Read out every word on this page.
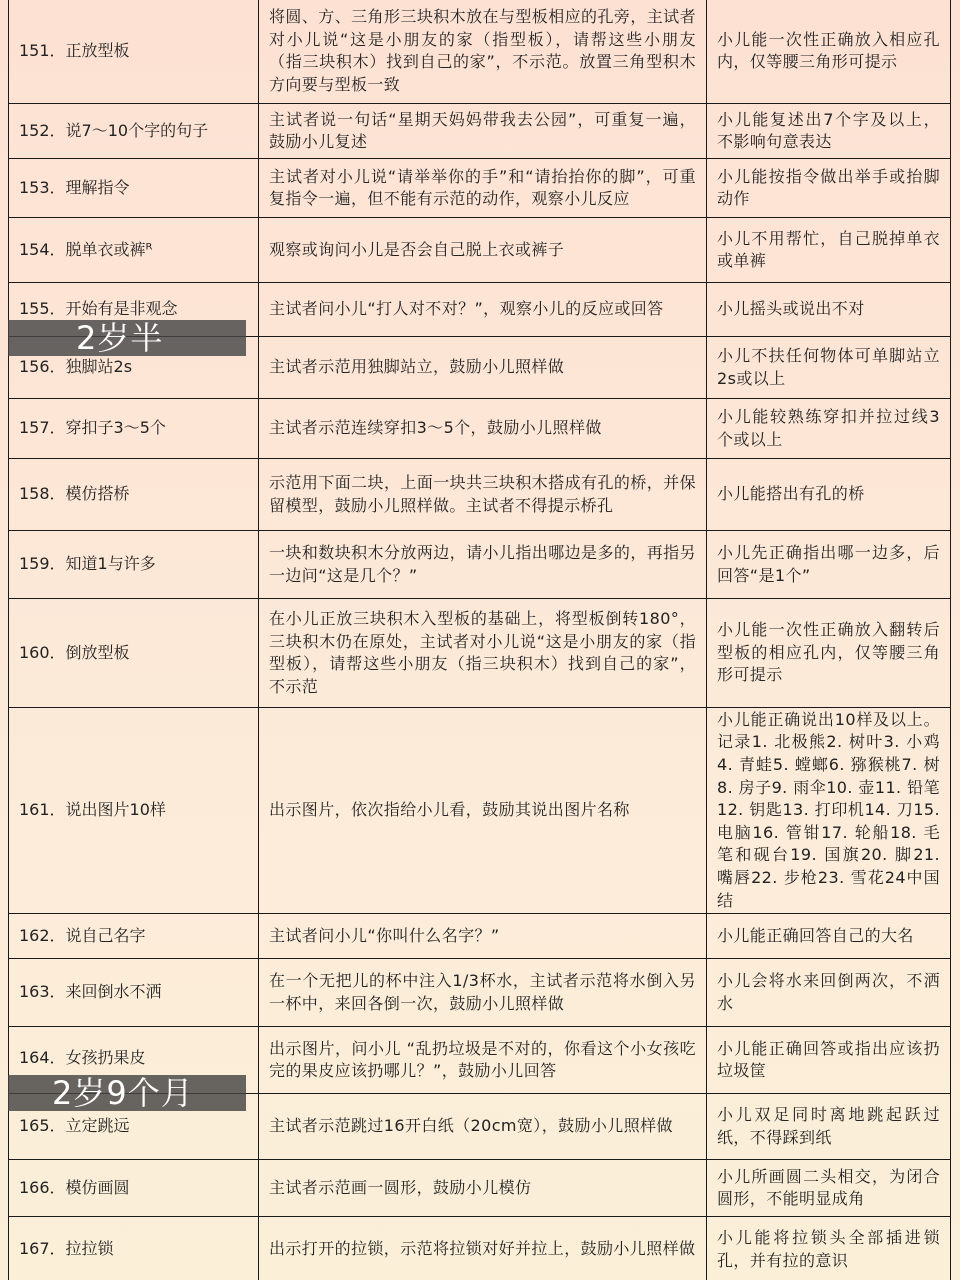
151．正放型板	将圆、方、三角形三块积木放在与型板相应的孔旁，主试者对小儿说“这是小朋友的家（指型板），请帮这些小朋友（指三块积木）找到自己的家”，不示范。放置三角型积木方向要与型板一致	小儿能一次性正确放入相应孔内，仅等腰三角形可提示
152．说7～10个字的句子	主试者说一句话“星期天妈妈带我去公园”，可重复一遍，鼓励小儿复述	小儿能复述出7个字及以上，不影响句意表达
153．理解指令	主试者对小儿说“请举举你的手”和“请抬抬你的脚”，可重复指令一遍，但不能有示范的动作，观察小儿反应	小儿能按指令做出举手或抬脚动作
154．脱单衣或裤ᴿ	观察或询问小儿是否会自己脱上衣或裤子	小儿不用帮忙，自己脱掉单衣或单裤
155．开始有是非观念	主试者问小儿“打人对不对？”，观察小儿的反应或回答	小儿摇头或说出不对
156．独脚站2s	主试者示范用独脚站立，鼓励小儿照样做	小儿不扶任何物体可单脚站立2s或以上
157．穿扣子3～5个	主试者示范连续穿扣3～5个，鼓励小儿照样做	小儿能较熟练穿扣并拉过线3个或以上
158．模仿搭桥	示范用下面二块，上面一块共三块积木搭成有孔的桥，并保留模型，鼓励小儿照样做。主试者不得提示桥孔	小儿能搭出有孔的桥
159．知道1与许多	一块和数块积木分放两边，请小儿指出哪边是多的，再指另一边问“这是几个？”	小儿先正确指出哪一边多，后回答“是1个”
160．倒放型板	在小儿正放三块积木入型板的基础上，将型板倒转180°，三块积木仍在原处，主试者对小儿说“这是小朋友的家（指型板），请帮这些小朋友（指三块积木）找到自己的家”，不示范	小儿能一次性正确放入翻转后型板的相应孔内，仅等腰三角形可提示
161．说出图片10样	出示图片，依次指给小儿看，鼓励其说出图片名称	小儿能正确说出10样及以上。记录1. 北极熊2. 树叶3. 小鸡4. 青蛙5. 螳螂6. 猕猴桃7. 树8. 房子9. 雨伞10. 壶11. 铅笔12. 钥匙13. 打印机14. 刀15. 电脑16. 管钳17. 轮船18. 毛笔和砚台19. 国旗20. 脚21. 嘴唇22. 步枪23. 雪花24中国结
162．说自己名字	主试者问小儿“你叫什么名字？”	小儿能正确回答自己的大名
163．来回倒水不洒	在一个无把儿的杯中注入1/3杯水，主试者示范将水倒入另一杯中，来回各倒一次，鼓励小儿照样做	小儿会将水来回倒两次，不洒水
164．女孩扔果皮	出示图片，问小儿 “乱扔垃圾是不对的，你看这个小女孩吃完的果皮应该扔哪儿？”，鼓励小儿回答	小儿能正确回答或指出应该扔垃圾筐
165．立定跳远	主试者示范跳过16开白纸（20cm宽），鼓励小儿照样做	小儿双足同时离地跳起跃过纸，不得踩到纸
166．模仿画圆	主试者示范画一圆形，鼓励小儿模仿	小儿所画圆二头相交，为闭合圆形，不能明显成角
167．拉拉锁	出示打开的拉锁，示范将拉锁对好并拉上，鼓励小儿照样做	小儿能将拉锁头全部插进锁孔，并有拉的意识
2岁半
2岁9个月
